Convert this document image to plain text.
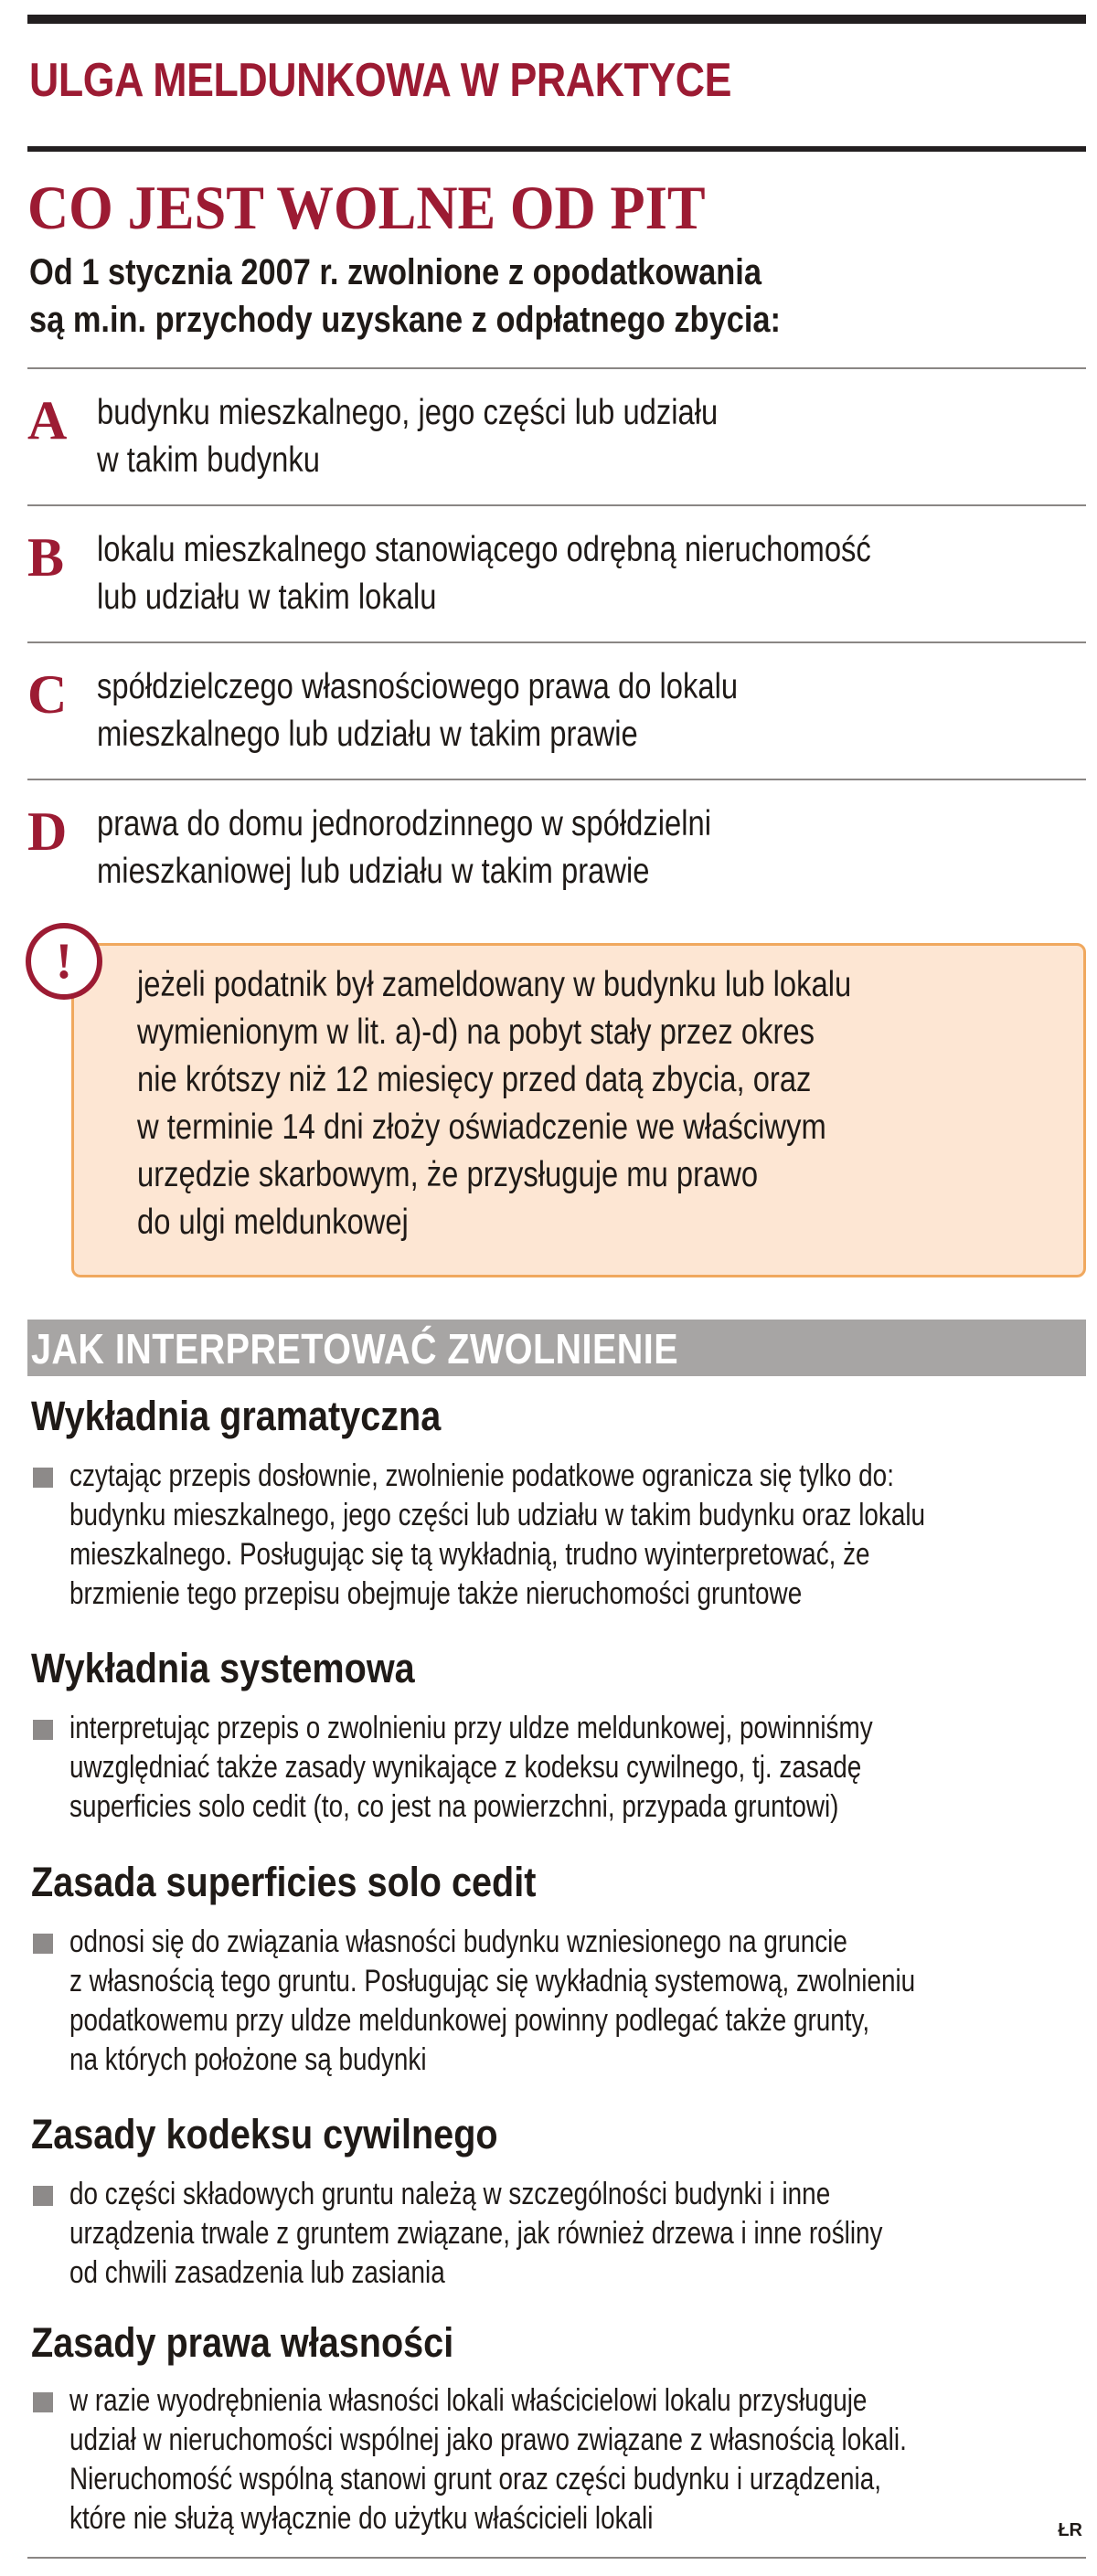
ULGA MELDUNKOWA W PRAKTYCE
CO JEST WOLNE OD PIT
Od 1 stycznia 2007 r. zwolnione z opodatkowania
są m.in. przychody uzyskane z odpłatnego zbycia:
A budynku mieszkalnego, jego części lub udziału
w takim budynku
B lokalu mieszkalnego stanowiącego odrębną nieruchomość
lub udziału w takim lokalu
C spółdzielczego własnościowego prawa do lokalu
mieszkalnego lub udziału w takim prawie
D prawa do domu jednorodzinnego w spółdzielni
mieszkaniowej lub udziału w takim prawie
!	jeżeli podatnik był zameldowany w budynku lub lokalu
wymienionym w lit. a)-d) na pobyt stały przez okres
nie krótszy niż 12 miesięcy przed datą zbycia, oraz
w terminie 14 dni złoży oświadczenie we właściwym
urzędzie skarbowym, że przysługuje mu prawo
do ulgi meldunkowej
JAK INTERPRETOWAĆ ZWOLNIENIE
Wykładnia gramatyczna
czytając przepis dosłownie, zwolnienie podatkowe ogranicza się tylko do:
budynku mieszkalnego, jego części lub udziału w takim budynku oraz lokalu
mieszkalnego. Posługując się tą wykładnią, trudno wyinterpretować, że
brzmienie tego przepisu obejmuje także nieruchomości gruntowe
Wykładnia systemowa
interpretując przepis o zwolnieniu przy uldze meldunkowej, powinniśmy
uwzględniać także zasady wynikające z kodeksu cywilnego, tj. zasadę
superficies solo cedit (to, co jest na powierzchni, przypada gruntowi)
Zasada superficies solo cedit
odnosi się do związania własności budynku wzniesionego na gruncie
z własnością tego gruntu. Posługując się wykładnią systemową, zwolnieniu
podatkowemu przy uldze meldunkowej powinny podlegać także grunty,
na których położone są budynki
Zasady kodeksu cywilnego
do części składowych gruntu należą w szczególności budynki i inne
urządzenia trwale z gruntem związane, jak również drzewa i inne rośliny
od chwili zasadzenia lub zasiania
Zasady prawa własności
w razie wyodrębnienia własności lokali właścicielowi lokalu przysługuje
udział w nieruchomości wspólnej jako prawo związane z własnością lokali.
Nieruchomość wspólną stanowi grunt oraz części budynku i urządzenia,
które nie służą wyłącznie do użytku właścicieli lokali	ŁR
